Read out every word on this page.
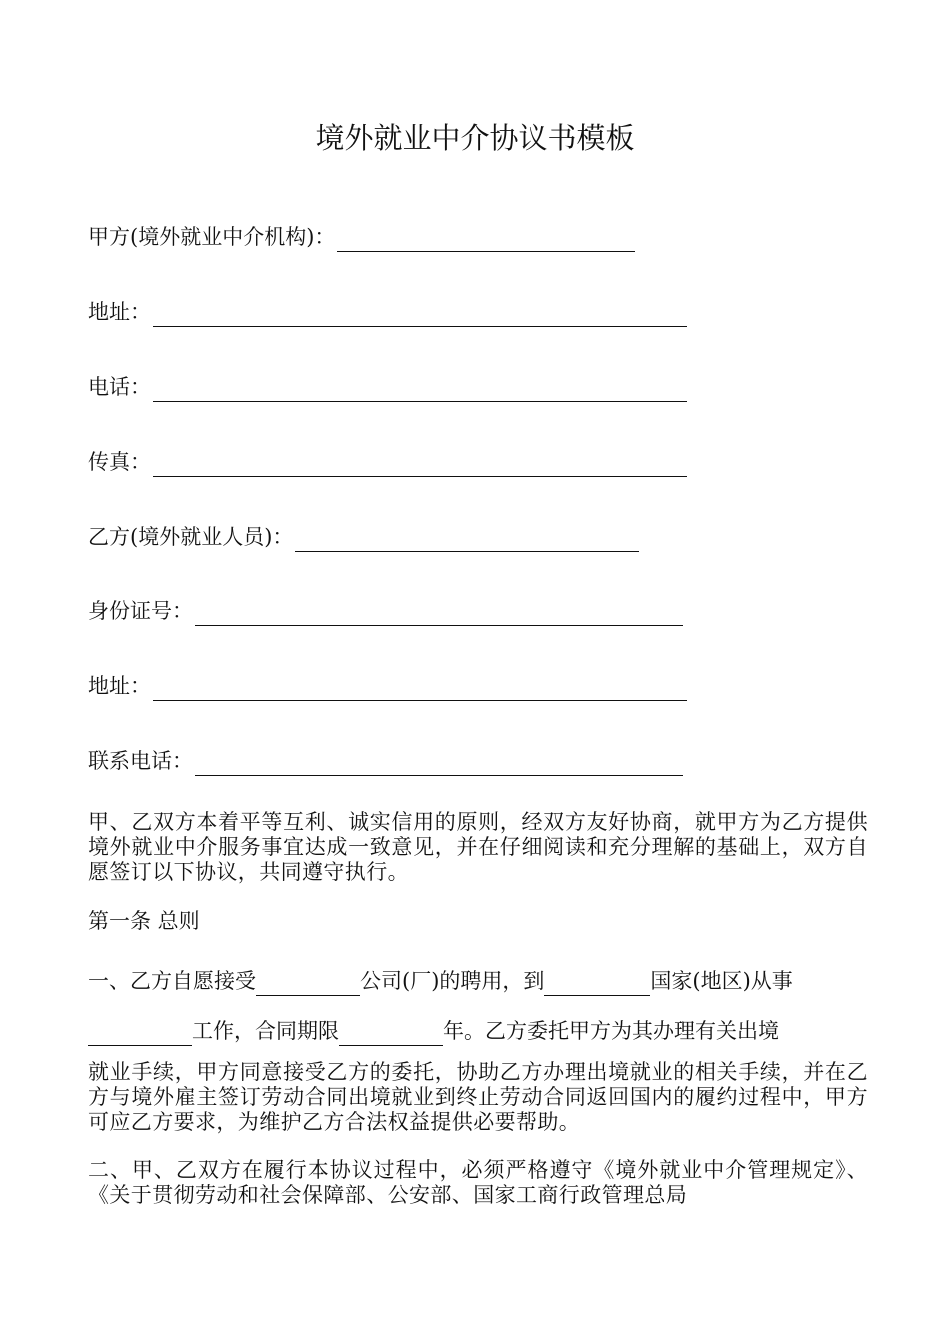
境外就业中介协议书模板
甲方(境外就业中介机构)：
地址：
电话：
传真：
乙方(境外就业人员)：
身份证号：
地址：
联系电话：

甲、乙双方本着平等互利、诚实信用的原则，经双方友好协商，就甲方为乙方提供境外就业中介服务事宜达成一致意见，并在仔细阅读和充分理解的基础上，双方自愿签订以下协议，共同遵守执行。

第一条 总则

一、乙方自愿接受	公司(厂)的聘用，到	国家(地区)从事
工作，合同期限	年。乙方委托甲方为其办理有关出境

就业手续，甲方同意接受乙方的委托，协助乙方办理出境就业的相关手续，并在乙方与境外雇主签订劳动合同出境就业到终止劳动合同返回国内的履约过程中，甲方可应乙方要求，为维护乙方合法权益提供必要帮助。

二、甲、乙双方在履行本协议过程中，必须严格遵守《境外就业中介管理规定》、《关于贯彻劳动和社会保障部、公安部、国家工商行政管理总局
